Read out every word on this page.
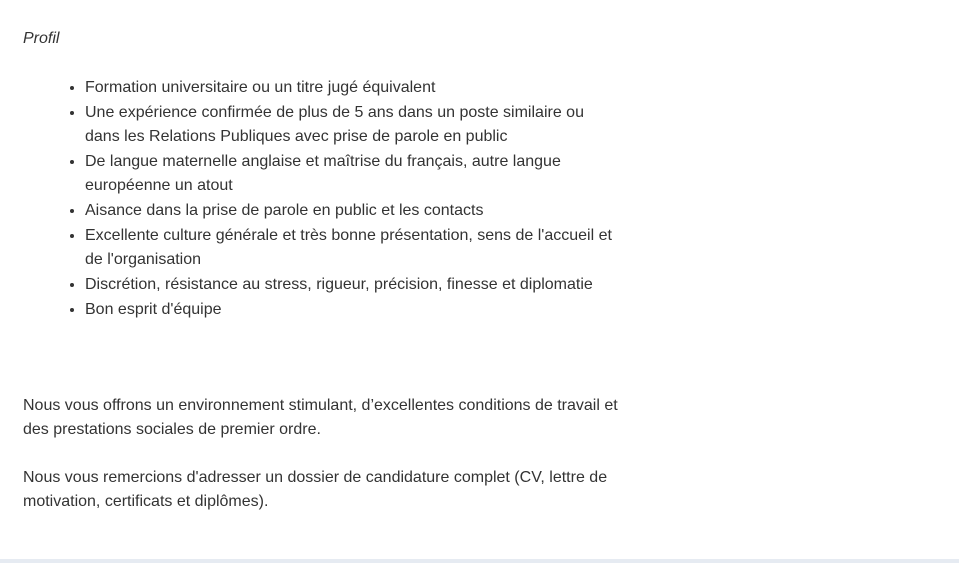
Profil

• Formation universitaire ou un titre jugé équivalent
• Une expérience confirmée de plus de 5 ans dans un poste similaire ou dans les Relations Publiques avec prise de parole en public
• De langue maternelle anglaise et maîtrise du français, autre langue européenne un atout
• Aisance dans la prise de parole en public et les contacts
• Excellente culture générale et très bonne présentation, sens de l'accueil et de l'organisation
• Discrétion, résistance au stress, rigueur, précision, finesse et diplomatie
• Bon esprit d'équipe

Nous vous offrons un environnement stimulant, d’excellentes conditions de travail et des prestations sociales de premier ordre.

Nous vous remercions d'adresser un dossier de candidature complet (CV, lettre de motivation, certificats et diplômes).
